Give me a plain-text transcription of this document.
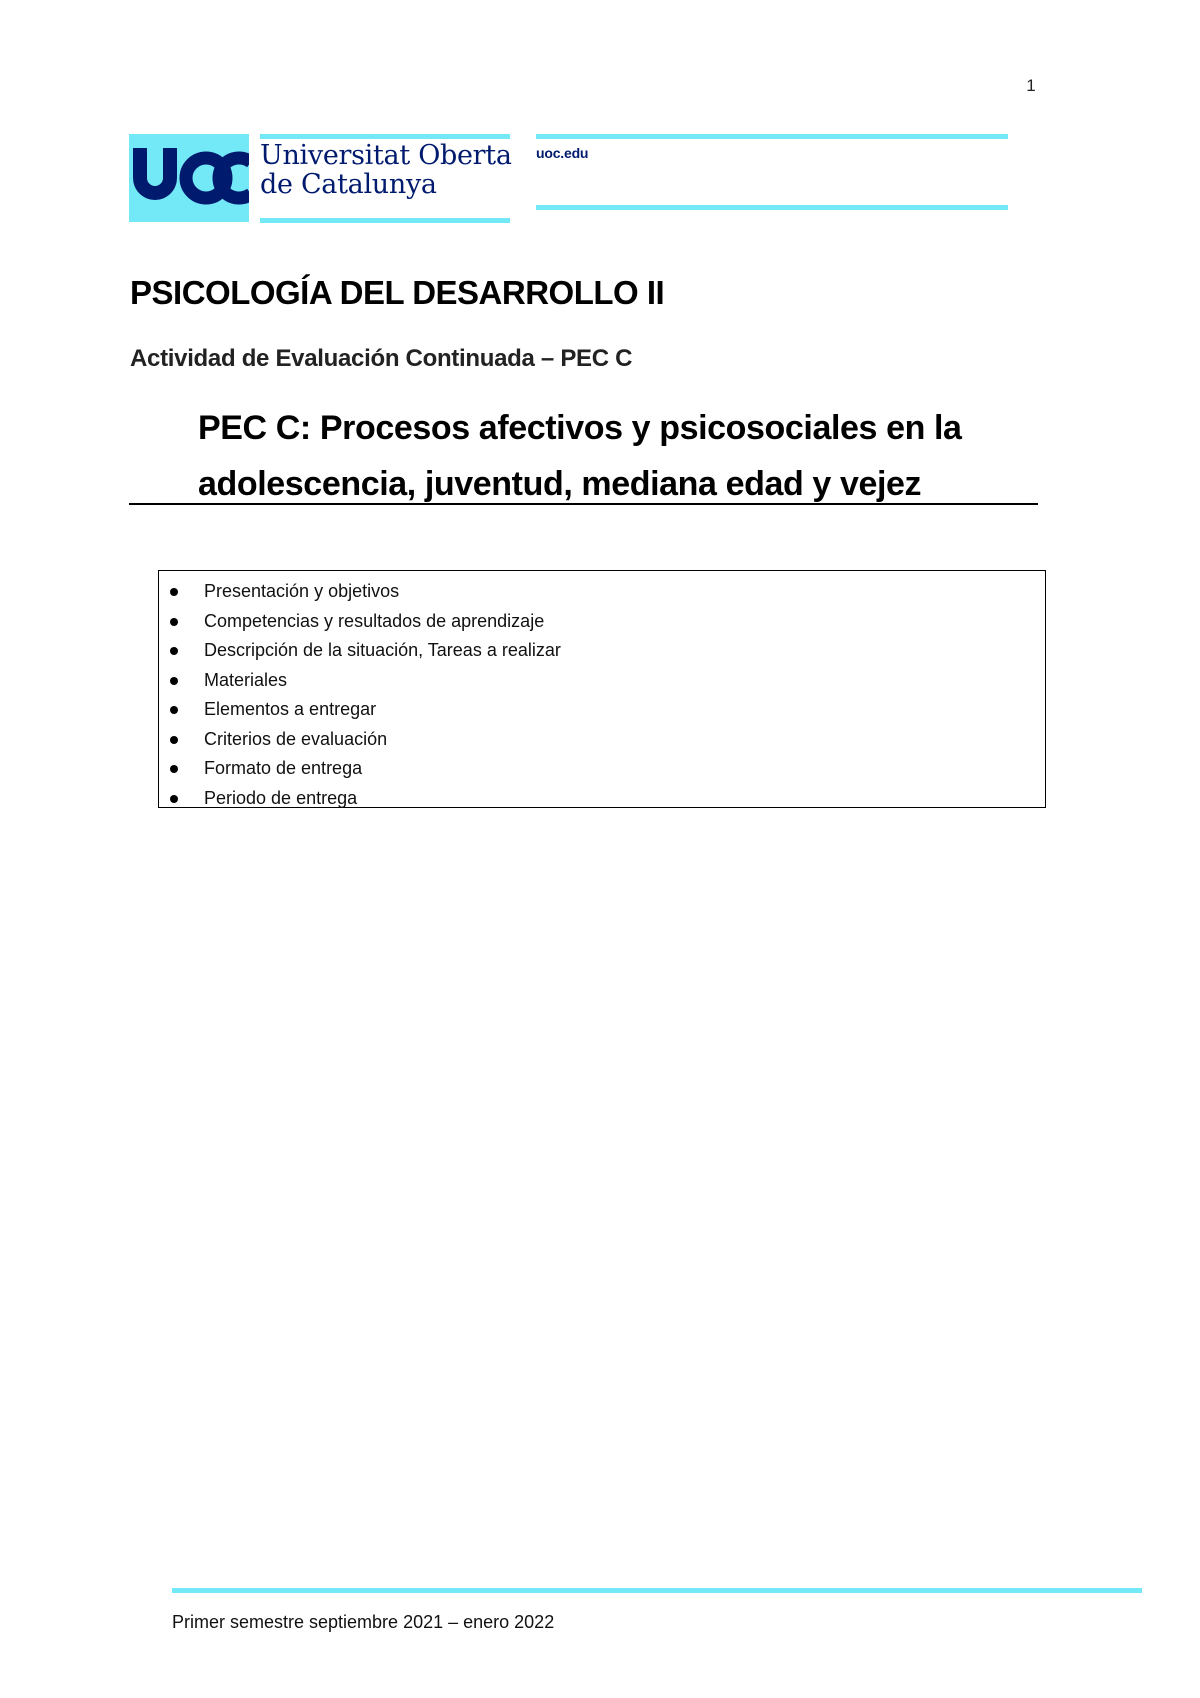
1
Universitat Oberta
de Catalunya
uoc.edu
PSICOLOGÍA DEL DESARROLLO II
Actividad de Evaluación Continuada – PEC C
PEC C: Procesos afectivos y psicosociales en la
adolescencia, juventud, mediana edad y vejez
Presentación y objetivos
Competencias y resultados de aprendizaje
Descripción de la situación, Tareas a realizar
Materiales
Elementos a entregar
Criterios de evaluación
Formato de entrega
Periodo de entrega
Primer semestre septiembre 2021 – enero 2022
